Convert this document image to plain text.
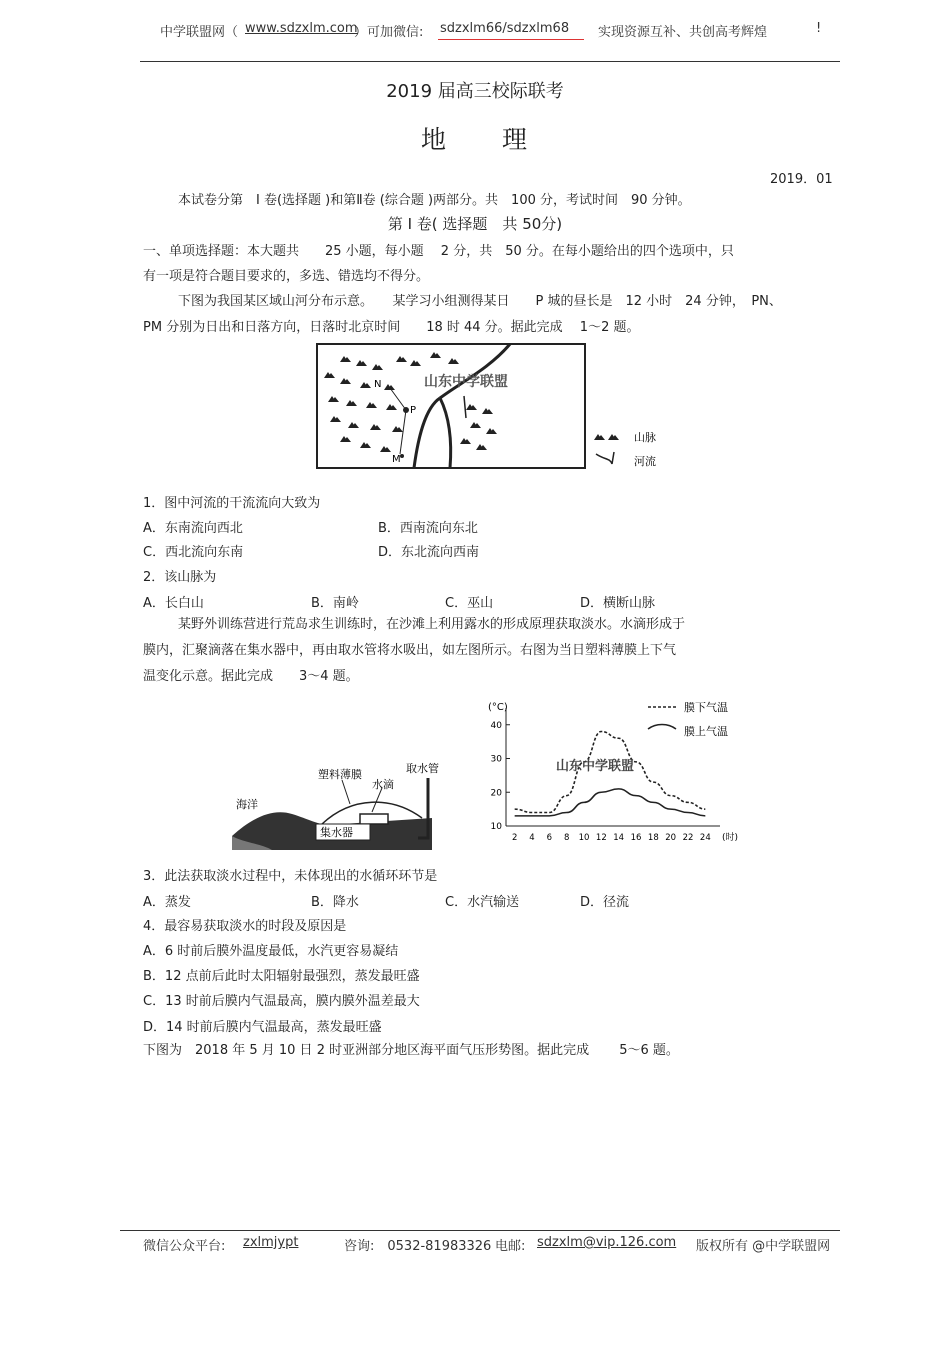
中学联盟网（ www.sdzxlm.com
）可加微信: sdzxlm66/sdzxlm68 实现资源互补、共创高考辉煌	!
2019 届高三校际联考
地　　理
2019．01
本试卷分第　I 卷(选择题 )和第Ⅱ卷 (综合题 )两部分。共　100 分，考试时间　90 分钟。
第 I 卷( 选择题　共 50分)
一、单项选择题：本大题共　　25 小题，每小题　 2 分，共　50 分。在每小题给出的四个选项中，只
有一项是符合题目要求的，多选、错选均不得分。
下图为我国某区域山河分布示意。　　某学习小组测得某日　　P 城的昼长是　12 小时　24 分钟，　PN、
PM 分别为日出和日落方向，日落时北京时间　　18 时 44 分。据此完成　 1～2 题。
N
P
M
山东中学联盟
山脉
河流
1．图中河流的干流流向大致为
A．东南流向西北	B．西南流向东北
C．西北流向东南	D．东北流向西南
2．该山脉为
A．长白山	B．南岭	C．巫山	D．横断山脉
某野外训练营进行荒岛求生训练时，在沙滩上利用露水的形成原理获取淡水。水滴形成于
膜内，汇聚滴落在集水器中，再由取水管将水吸出，如左图所示。右图为当日塑料薄膜上下气
温变化示意。据此完成　　3～4 题。
塑料薄膜	取水管
水滴
海洋
集水器	10
20
30
40
2 4 6 8 10 12 14 16 18 20 22 24
(°C)
(时)
山东中学联盟
膜下气温
膜上气温
3．此法获取淡水过程中，未体现出的水循环环节是
A．蒸发	B．降水	C．水汽输送	D．径流
4．最容易获取淡水的时段及原因是
A．6 时前后膜外温度最低，水汽更容易凝结
B．12 点前后此时太阳辐射最强烈，蒸发最旺盛
C．13 时前后膜内气温最高，膜内膜外温差最大
D．14 时前后膜内气温最高，蒸发最旺盛
下图为　2018 年 5 月 10 日 2 时亚洲部分地区海平面气压形势图。据此完成　　 5～6 题。
微信公众平台: zxlmjypt	咨询:　0532-81983326 电邮: sdzxlm@vip.126.com 版权所有 @中学联盟网
